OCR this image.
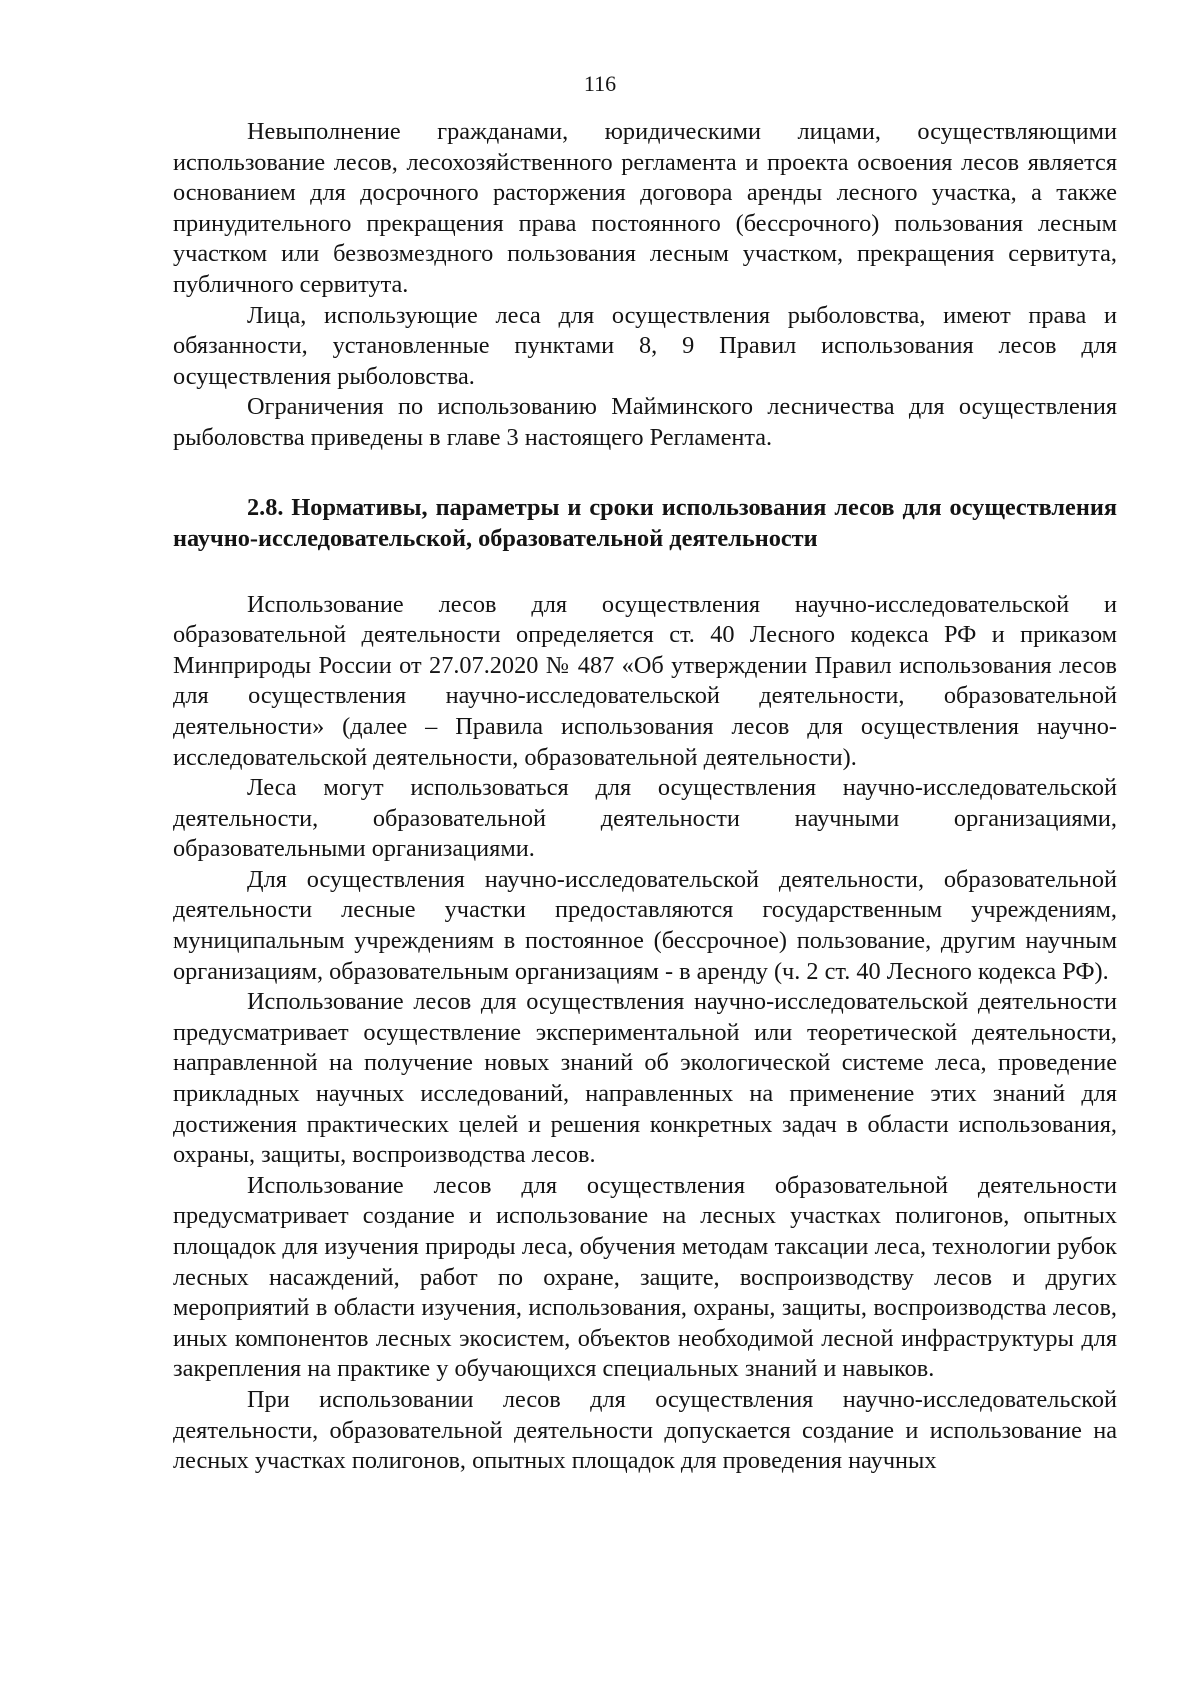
116

Невыполнение гражданами, юридическими лицами, осуществляющими использование лесов, лесохозяйственного регламента и проекта освоения лесов является основанием для досрочного расторжения договора аренды лесного участка, а также принудительного прекращения права постоянного (бессрочного) пользования лесным участком или безвозмездного пользования лесным участком, прекращения сервитута, публичного сервитута.

Лица, использующие леса для осуществления рыболовства, имеют права и обязанности, установленные пунктами 8, 9 Правил использования лесов для осуществления рыболовства.

Ограничения по использованию Майминского лесничества для осуществления рыболовства приведены в главе 3 настоящего Регламента.

2.8. Нормативы, параметры и сроки использования лесов для осуществления научно-исследовательской, образовательной деятельности

Использование лесов для осуществления научно-исследовательской и образовательной деятельности определяется ст. 40 Лесного кодекса РФ и приказом Минприроды России от 27.07.2020 № 487 «Об утверждении Правил использования лесов для осуществления научно-исследовательской деятельности, образовательной деятельности» (далее – Правила использования лесов для осуществления научно-исследовательской деятельности, образовательной деятельности).

Леса могут использоваться для осуществления научно-исследовательской деятельности, образовательной деятельности научными организациями, образовательными организациями.

Для осуществления научно-исследовательской деятельности, образовательной деятельности лесные участки предоставляются государственным учреждениям, муниципальным учреждениям в постоянное (бессрочное) пользование, другим научным организациям, образовательным организациям - в аренду (ч. 2 ст. 40 Лесного кодекса РФ).

Использование лесов для осуществления научно-исследовательской деятельности предусматривает осуществление экспериментальной или теоретической деятельности, направленной на получение новых знаний об экологической системе леса, проведение прикладных научных исследований, направленных на применение этих знаний для достижения практических целей и решения конкретных задач в области использования, охраны, защиты, воспроизводства лесов.

Использование лесов для осуществления образовательной деятельности предусматривает создание и использование на лесных участках полигонов, опытных площадок для изучения природы леса, обучения методам таксации леса, технологии рубок лесных насаждений, работ по охране, защите, воспроизводству лесов и других мероприятий в области изучения, использования, охраны, защиты, воспроизводства лесов, иных компонентов лесных экосистем, объектов необходимой лесной инфраструктуры для закрепления на практике у обучающихся специальных знаний и навыков.

При использовании лесов для осуществления научно-исследовательской деятельности, образовательной деятельности допускается создание и использование на лесных участках полигонов, опытных площадок для проведения научных
